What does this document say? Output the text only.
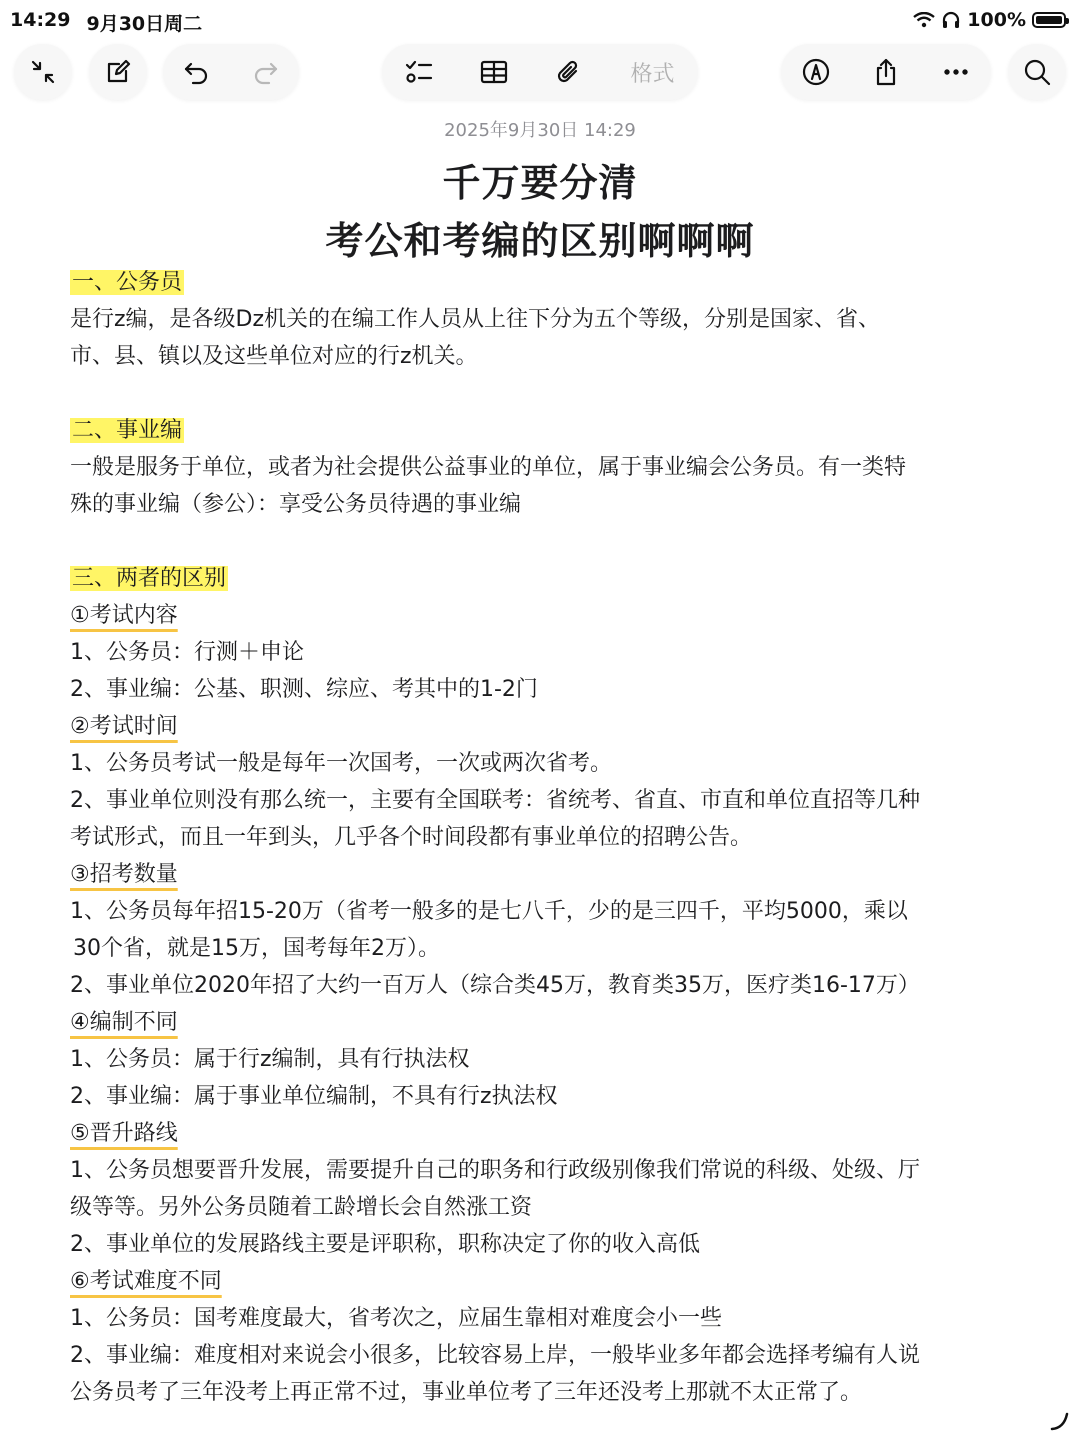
14:29 9月30日周二	100%
格式
2025年9月30日 14:29
千万要分清
考公和考编的区别啊啊啊
一、公务员
是行z编，是各级Dz机关的在编工作人员从上往下分为五个等级，分别是国家、省、
市、县、镇以及这些单位对应的行z机关。
二、事业编
一般是服务于单位，或者为社会提供公益事业的单位，属于事业编会公务员。有一类特
殊的事业编（参公）：享受公务员待遇的事业编
三、两者的区别
①考试内容
1、公务员：行测＋申论
2、事业编：公基、职测、综应、考其中的1-2门
②考试时间
1、公务员考试一般是每年一次国考，一次或两次省考。
2、事业单位则没有那么统一，主要有全国联考：省统考、省直、市直和单位直招等几种
考试形式，而且一年到头，几乎各个时间段都有事业单位的招聘公告。
③招考数量
1、公务员每年招15-20万（省考一般多的是七八千，少的是三四千，平均5000，乘以
30个省，就是15万，国考每年2万）。
2、事业单位2020年招了大约一百万人（综合类45万，教育类35万，医疗类16-17万）
④编制不同
1、公务员：属于行z编制，具有行执法权
2、事业编：属于事业单位编制，不具有行z执法权
⑤晋升路线
1、公务员想要晋升发展，需要提升自己的职务和行政级别像我们常说的科级、处级、厅
级等等。另外公务员随着工龄增长会自然涨工资
2、事业单位的发展路线主要是评职称，职称决定了你的收入高低
⑥考试难度不同
1、公务员：国考难度最大，省考次之，应届生靠相对难度会小一些
2、事业编：难度相对来说会小很多，比较容易上岸，一般毕业多年都会选择考编有人说
公务员考了三年没考上再正常不过，事业单位考了三年还没考上那就不太正常了。
